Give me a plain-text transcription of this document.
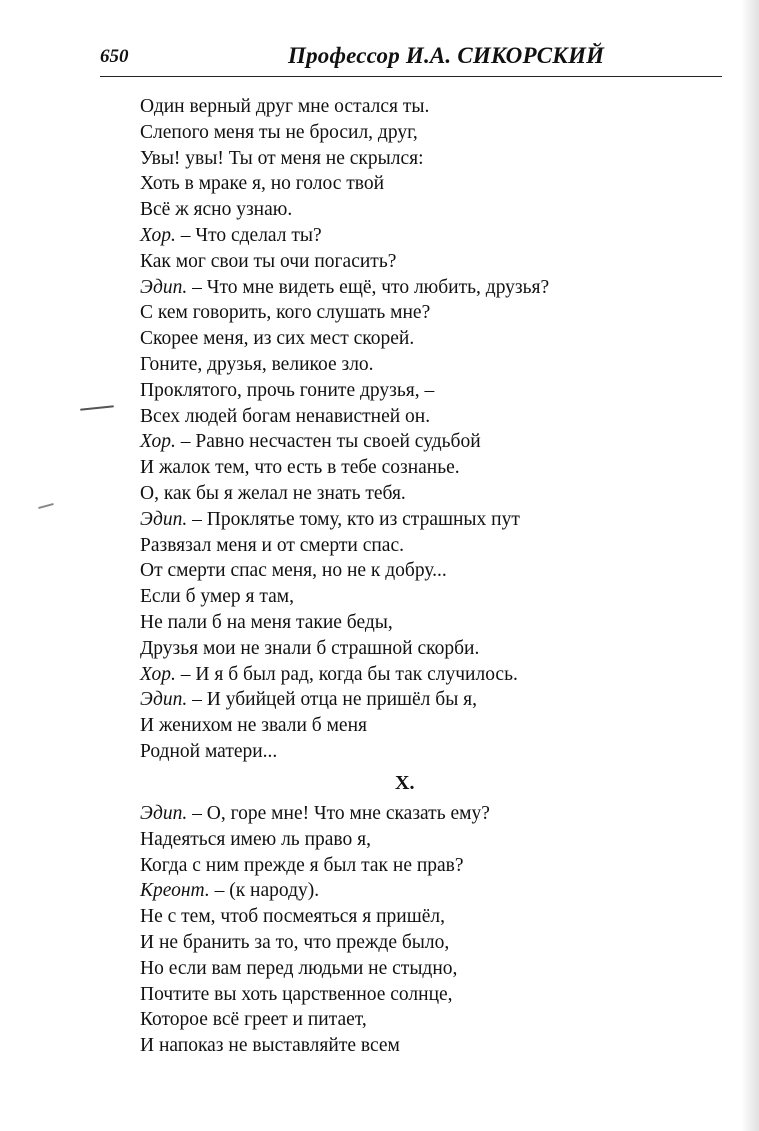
650	Профессор И.А. СИКОРСКИЙ
Один верный друг мне остался ты.
Слепого меня ты не бросил, друг,
Увы! увы! Ты от меня не скрылся:
Хоть в мраке я, но голос твой
Всё ж ясно узнаю.
Хор. – Что сделал ты?
Как мог свои ты очи погасить?
Эдип. – Что мне видеть ещё, что любить, друзья?
С кем говорить, кого слушать мне?
Скорее меня, из сих мест скорей.
Гоните, друзья, великое зло.
Проклятого, прочь гоните друзья, –
Всех людей богам ненавистней он.
Хор. – Равно несчастен ты своей судьбой
И жалок тем, что есть в тебе сознанье.
О, как бы я желал не знать тебя.
Эдип. – Проклятье тому, кто из страшных пут
Развязал меня и от смерти спас.
От смерти спас меня, но не к добру...
Если б умер я там,
Не пали б на меня такие беды,
Друзья мои не знали б страшной скорби.
Хор. – И я б был рад, когда бы так случилось.
Эдип. – И убийцей отца не пришёл бы я,
И женихом не звали б меня
Родной матери...
X.
Эдип. – О, горе мне! Что мне сказать ему?
Надеяться имею ль право я,
Когда с ним прежде я был так не прав?
Креонт. – (к народу).
Не с тем, чтоб посмеяться я пришёл,
И не бранить за то, что прежде было,
Но если вам перед людьми не стыдно,
Почтите вы хоть царственное солнце,
Которое всё греет и питает,
И напоказ не выставляйте всем
